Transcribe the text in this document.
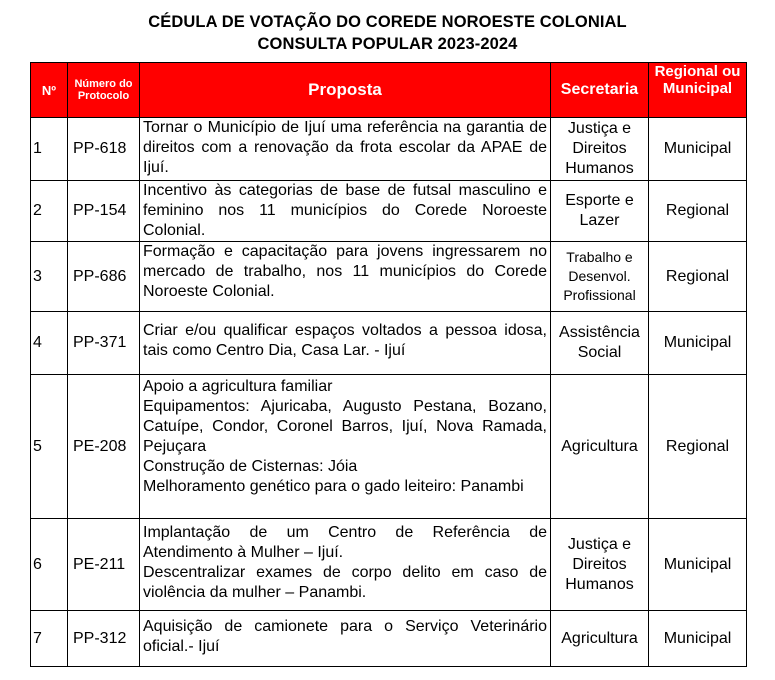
CÉDULA DE VOTAÇÃO DO COREDE NOROESTE COLONIAL
CONSULTA POPULAR 2023-2024
Nº	Número do Protocolo	Proposta	Secretaria	Regional ou Municipal
1	PP-618	Tornar o Município de Ijuí uma referência na garantia de direitos com a renovação da frota escolar da APAE de Ijuí.	Justiça e Direitos Humanos	Municipal
2	PP-154	Incentivo às categorias de base de futsal masculino e feminino nos 11 municípios do Corede Noroeste Colonial.	Esporte e Lazer	Regional
3	PP-686	Formação e capacitação para jovens ingressarem no mercado de trabalho, nos 11 municípios do Corede Noroeste Colonial.	Trabalho e Desenvol. Profissional	Regional
4	PP-371	Criar e/ou qualificar espaços voltados a pessoa idosa, tais como Centro Dia, Casa Lar. - Ijuí	Assistência Social	Municipal
5	PE-208	Apoio a agricultura familiar
Equipamentos: Ajuricaba, Augusto Pestana, Bozano, Catuípe, Condor, Coronel Barros, Ijuí, Nova Ramada, Pejuçara
Construção de Cisternas: Jóia
Melhoramento genético para o gado leiteiro: Panambi	Agricultura	Regional
6	PE-211	Implantação de um Centro de Referência de Atendimento à Mulher – Ijuí.
Descentralizar exames de corpo delito em caso de violência da mulher – Panambi.	Justiça e Direitos Humanos	Municipal
7	PP-312	Aquisição de camionete para o Serviço Veterinário oficial.- Ijuí	Agricultura	Municipal
